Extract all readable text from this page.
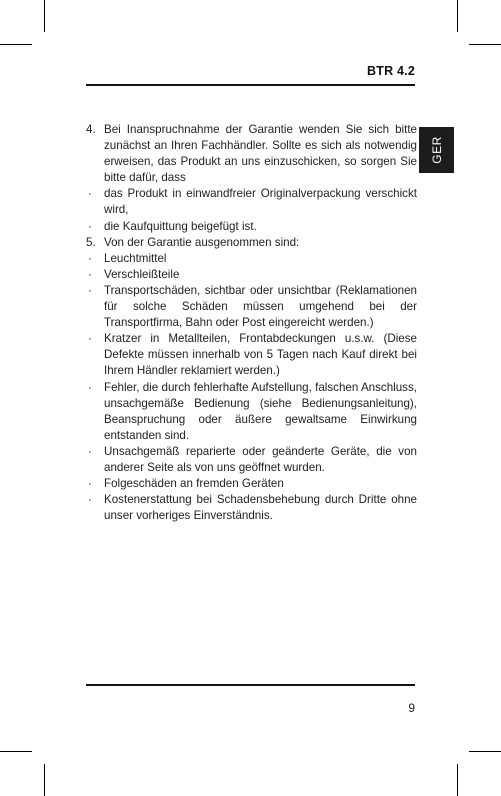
BTR 4.2
GER
4. Bei Inanspruchnahme der Garantie wenden Sie sich bitte zunächst an Ihren Fachhändler. Sollte es sich als notwendig erweisen, das Produkt an uns einzuschicken, so sorgen Sie bitte dafür, dass
· das Produkt in einwandfreier Originalverpackung verschickt wird,
· die Kaufquittung beigefügt ist.
5. Von der Garantie ausgenommen sind:
· Leuchtmittel
· Verschleißteile
· Transportschäden, sichtbar oder unsichtbar (Reklamationen für solche Schäden müssen umgehend bei der Transportfirma, Bahn oder Post eingereicht werden.)
· Kratzer in Metallteilen, Frontabdeckungen u.s.w. (Diese Defekte müssen innerhalb von 5 Tagen nach Kauf direkt bei Ihrem Händler reklamiert werden.)
· Fehler, die durch fehlerhafte Aufstellung, falschen Anschluss, unsachgemäße Bedienung (siehe Bedienungsanleitung), Beanspruchung oder äußere gewaltsame Einwirkung entstanden sind.
· Unsachgemäß reparierte oder geänderte Geräte, die von anderer Seite als von uns geöffnet wurden.
· Folgeschäden an fremden Geräten
· Kostenerstattung bei Schadensbehebung durch Dritte ohne unser vorheriges Einverständnis.
9
